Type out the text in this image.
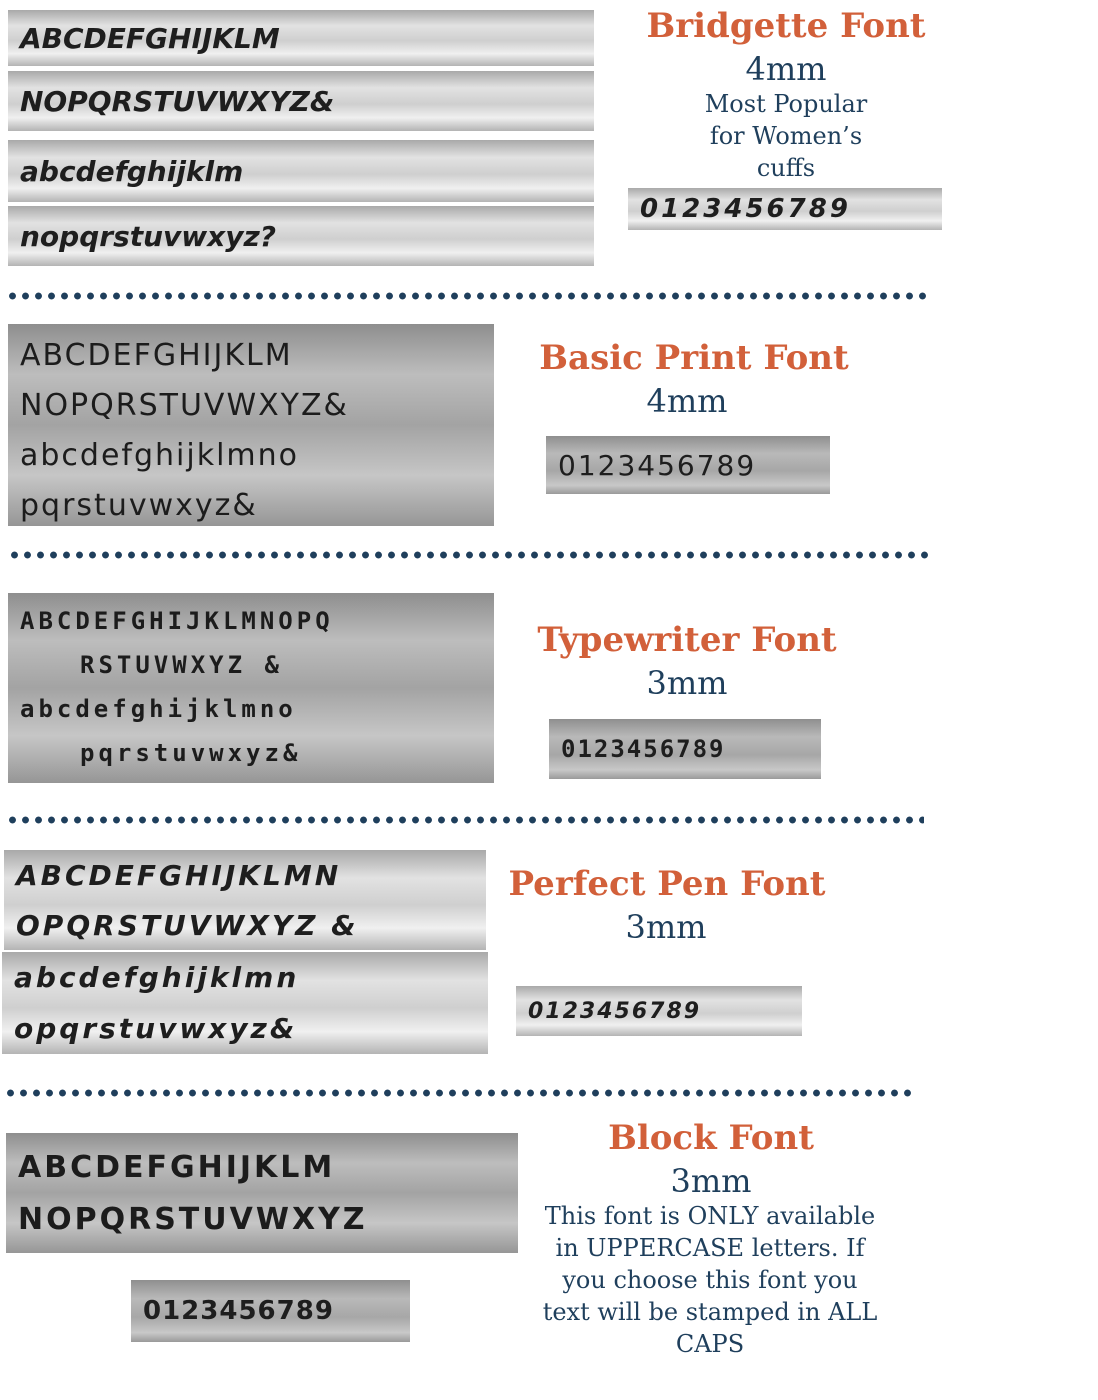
ABCDEFGHIJKLM
NOPQRSTUVWXYZ&
abcdefghijklm
nopqrstuvwxyz?
Bridgette Font
4mm
Most Popular for Women’s cuffs
0123456789
ABCDEFGHIJKLM
NOPQRSTUVWXYZ&
abcdefghijklmno
pqrstuvwxyz&
Basic Print Font
4mm
0123456789
ABCDEFGHIJKLMNOPQ
RSTUVWXYZ &
abcdefghijklmno
pqrstuvwxyz&
Typewriter Font
3mm
0123456789
ABCDEFGHIJKLMN
OPQRSTUVWXYZ &
abcdefghijklmn
opqrstuvwxyz&
Perfect Pen Font
3mm
0123456789
ABCDEFGHIJKLM
NOPQRSTUVWXYZ
0123456789
Block Font
3mm
This font is ONLY available in UPPERCASE letters. If you choose this font you text will be stamped in ALL CAPS
